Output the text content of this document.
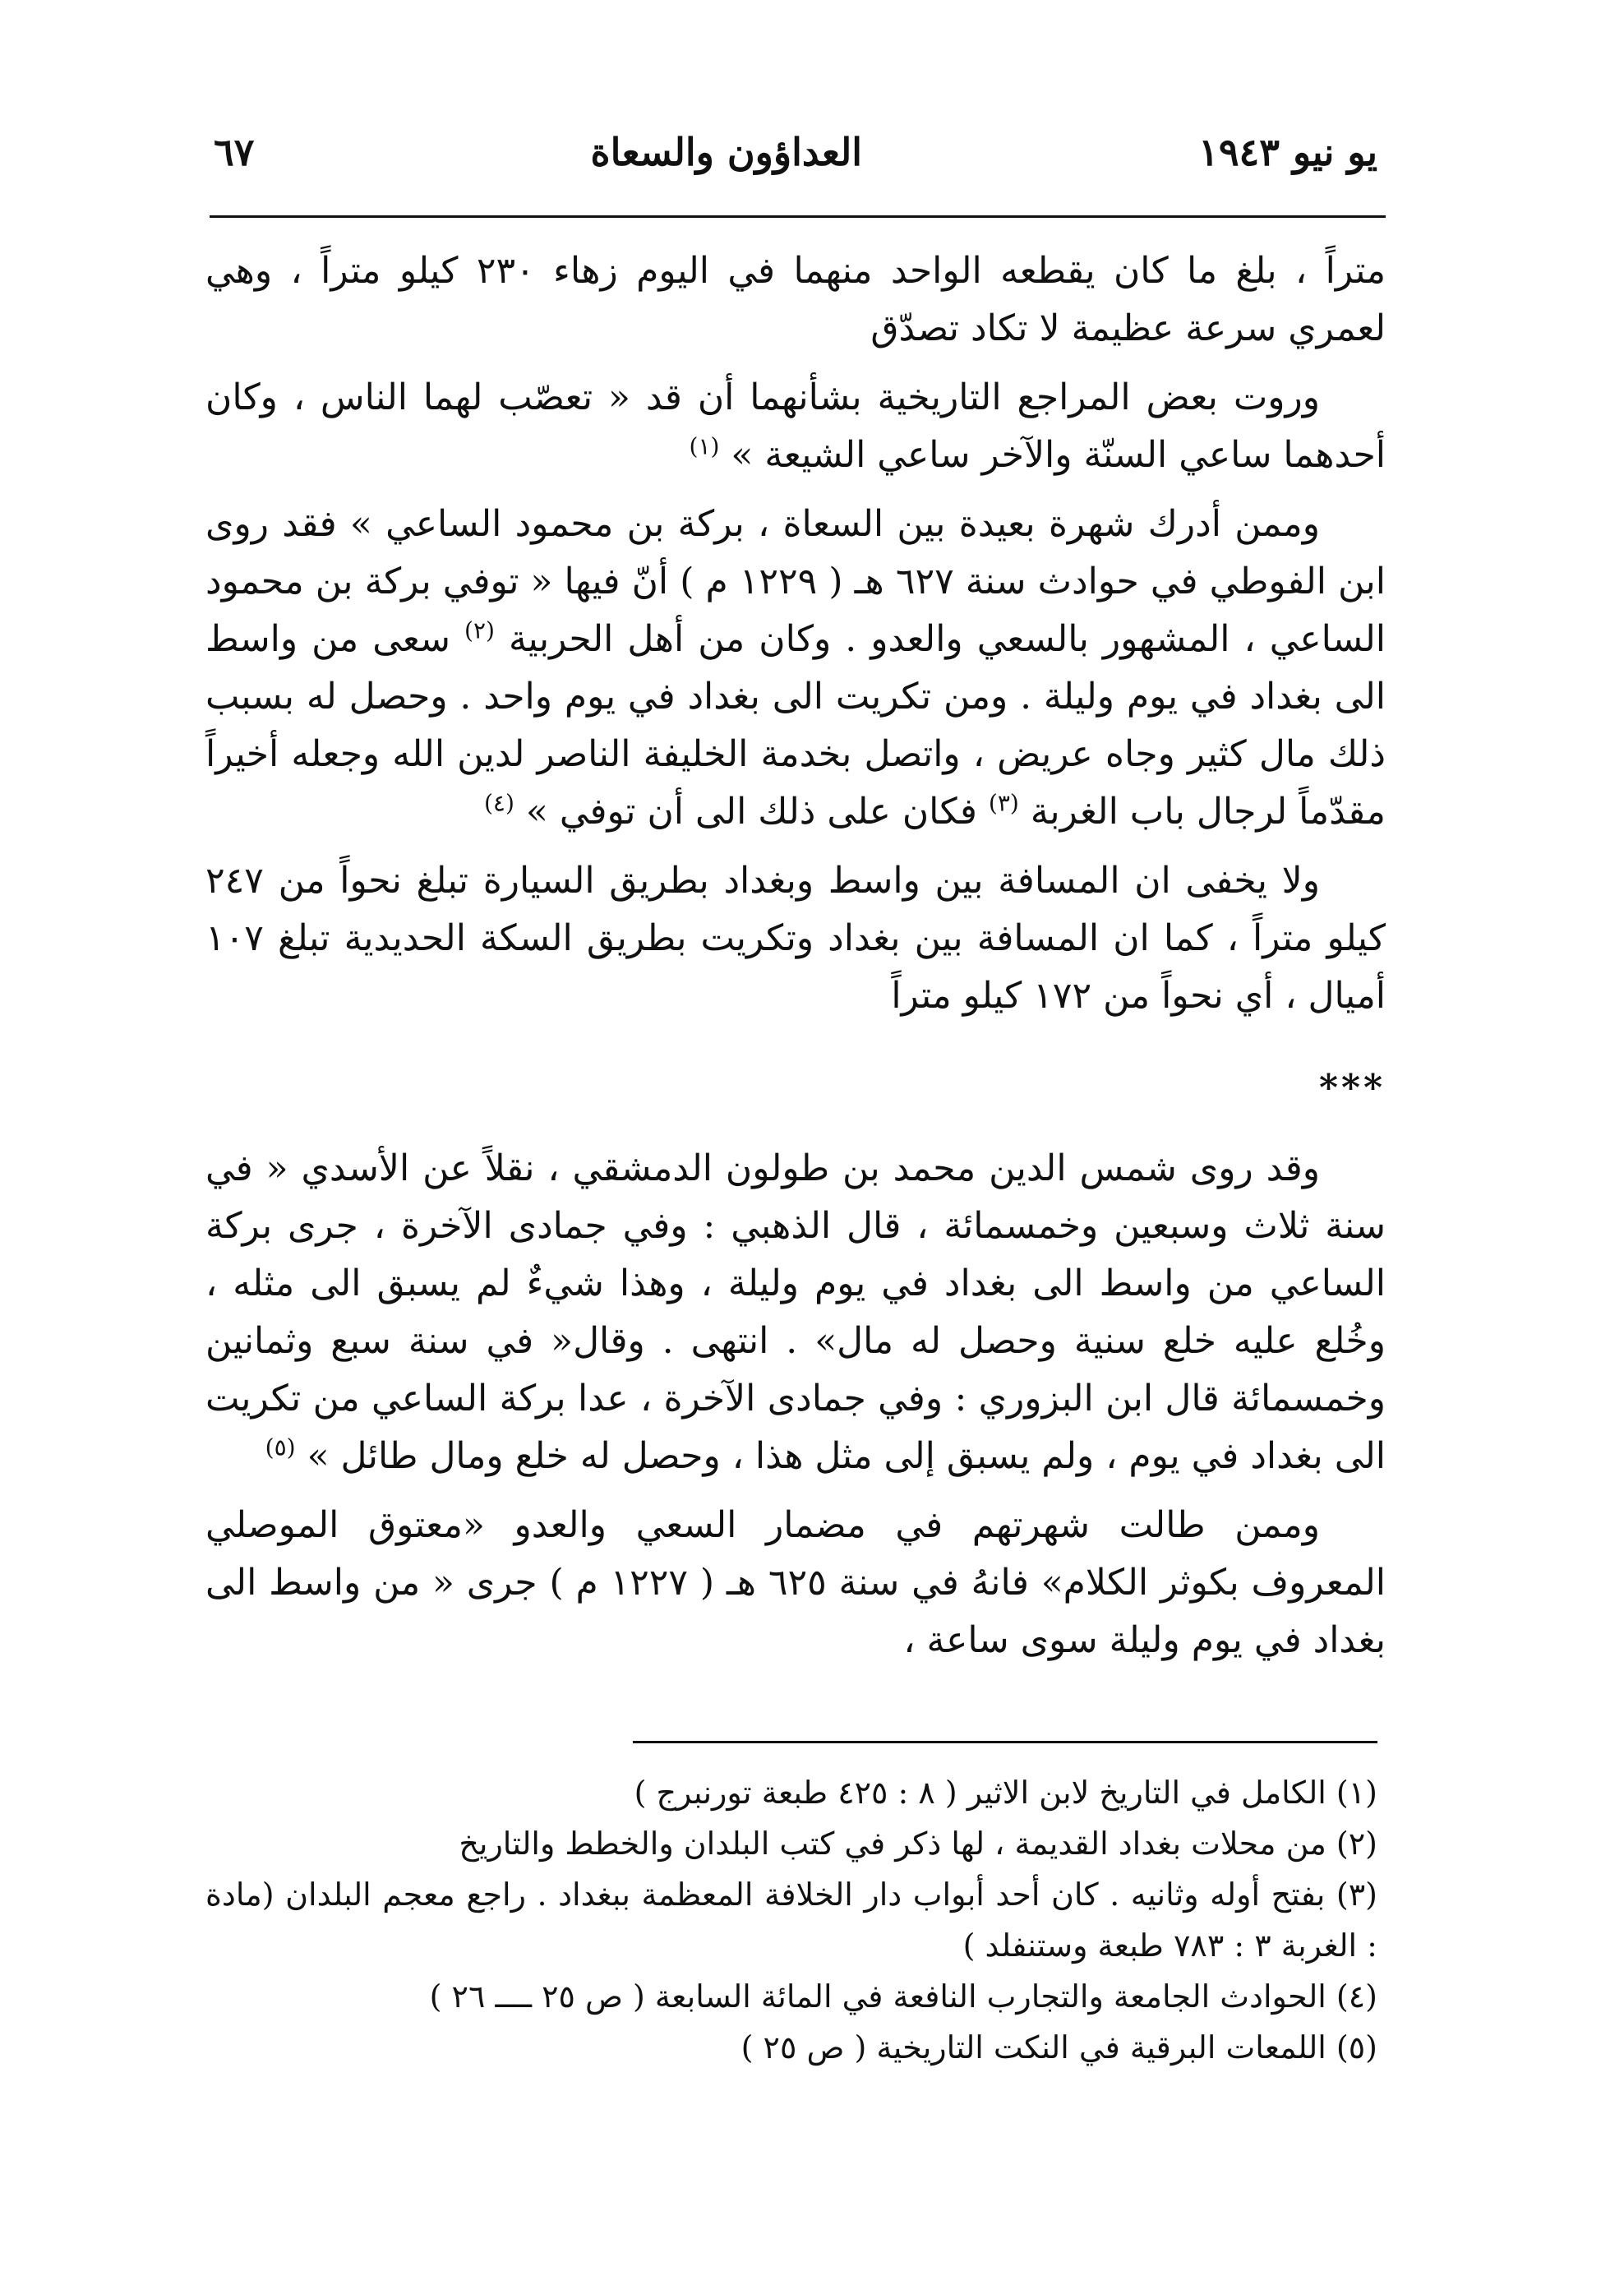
يو نيو ١٩٤٣
العداؤون والسعاة
٦٧

متراً ، بلغ ما كان يقطعه الواحد منهما في اليوم زهاء ٢٣٠ كيلو متراً ، وهي لعمري سرعة عظيمة لا تكاد تصدّق

وروت بعض المراجع التاريخية بشأنهما أن قد « تعصّب لهما الناس ، وكان أحدهما ساعي السنّة والآخر ساعي الشيعة » $^{(١)}$

وممن أدرك شهرة بعيدة بين السعاة ، بركة بن محمود الساعي » فقد روى ابن الفوطي في حوادث سنة ٦٢٧ هـ ( ١٢٢٩ م ) أنّ فيها « توفي بركة بن محمود الساعي ، المشهور بالسعي والعدو . وكان من أهل الحربية $^{(٢)}$ سعى من واسط الى بغداد في يوم وليلة . ومن تكريت الى بغداد في يوم واحد . وحصل له بسبب ذلك مال كثير وجاه عريض ، واتصل بخدمة الخليفة الناصر لدين الله وجعله أخيراً مقدّماً لرجال باب الغربة $^{(٣)}$ فكان على ذلك الى أن توفي » $^{(٤)}$

ولا يخفى ان المسافة بين واسط وبغداد بطريق السيارة تبلغ نحواً من ٢٤٧ كيلو متراً ، كما ان المسافة بين بغداد وتكريت بطريق السكة الحديدية تبلغ ١٠٧ أميال ، أي نحواً من ١٧٢ كيلو متراً

***

وقد روى شمس الدين محمد بن طولون الدمشقي ، نقلاً عن الأسدي « في سنة ثلاث وسبعين وخمسمائة ، قال الذهبي : وفي جمادى الآخرة ، جرى بركة الساعي من واسط الى بغداد في يوم وليلة ، وهذا شيءٌ لم يسبق الى مثله ، وخُلع عليه خلع سنية وحصل له مال» . انتهى . وقال« في سنة سبع وثمانين وخمسمائة قال ابن البزوري : وفي جمادى الآخرة ، عدا بركة الساعي من تكريت الى بغداد في يوم ، ولم يسبق إلى مثل هذا ، وحصل له خلع ومال طائل » $^{(٥)}$

وممن طالت شهرتهم في مضمار السعي والعدو «معتوق الموصلي المعروف بكوثر الكلام» فانهُ في سنة ٦٢٥ هـ ( ١٢٢٧ م ) جرى « من واسط الى بغداد في يوم وليلة سوى ساعة ،

(١) الكامل في التاريخ لابن الاثير ( ٨ : ٤٢٥ طبعة تورنبرج )

(٢) من محلات بغداد القديمة ، لها ذكر في كتب البلدان والخطط والتاريخ

(٣) بفتح أوله وثانيه . كان أحد أبواب دار الخلافة المعظمة ببغداد . راجع معجم البلدان (مادة : الغربة ٣ : ٧٨٣ طبعة وستنفلد )

(٤) الحوادث الجامعة والتجارب النافعة في المائة السابعة ( ص ٢٥ ــــ ٢٦ )

(٥) اللمعات البرقية في النكت التاريخية ( ص ٢٥ )
